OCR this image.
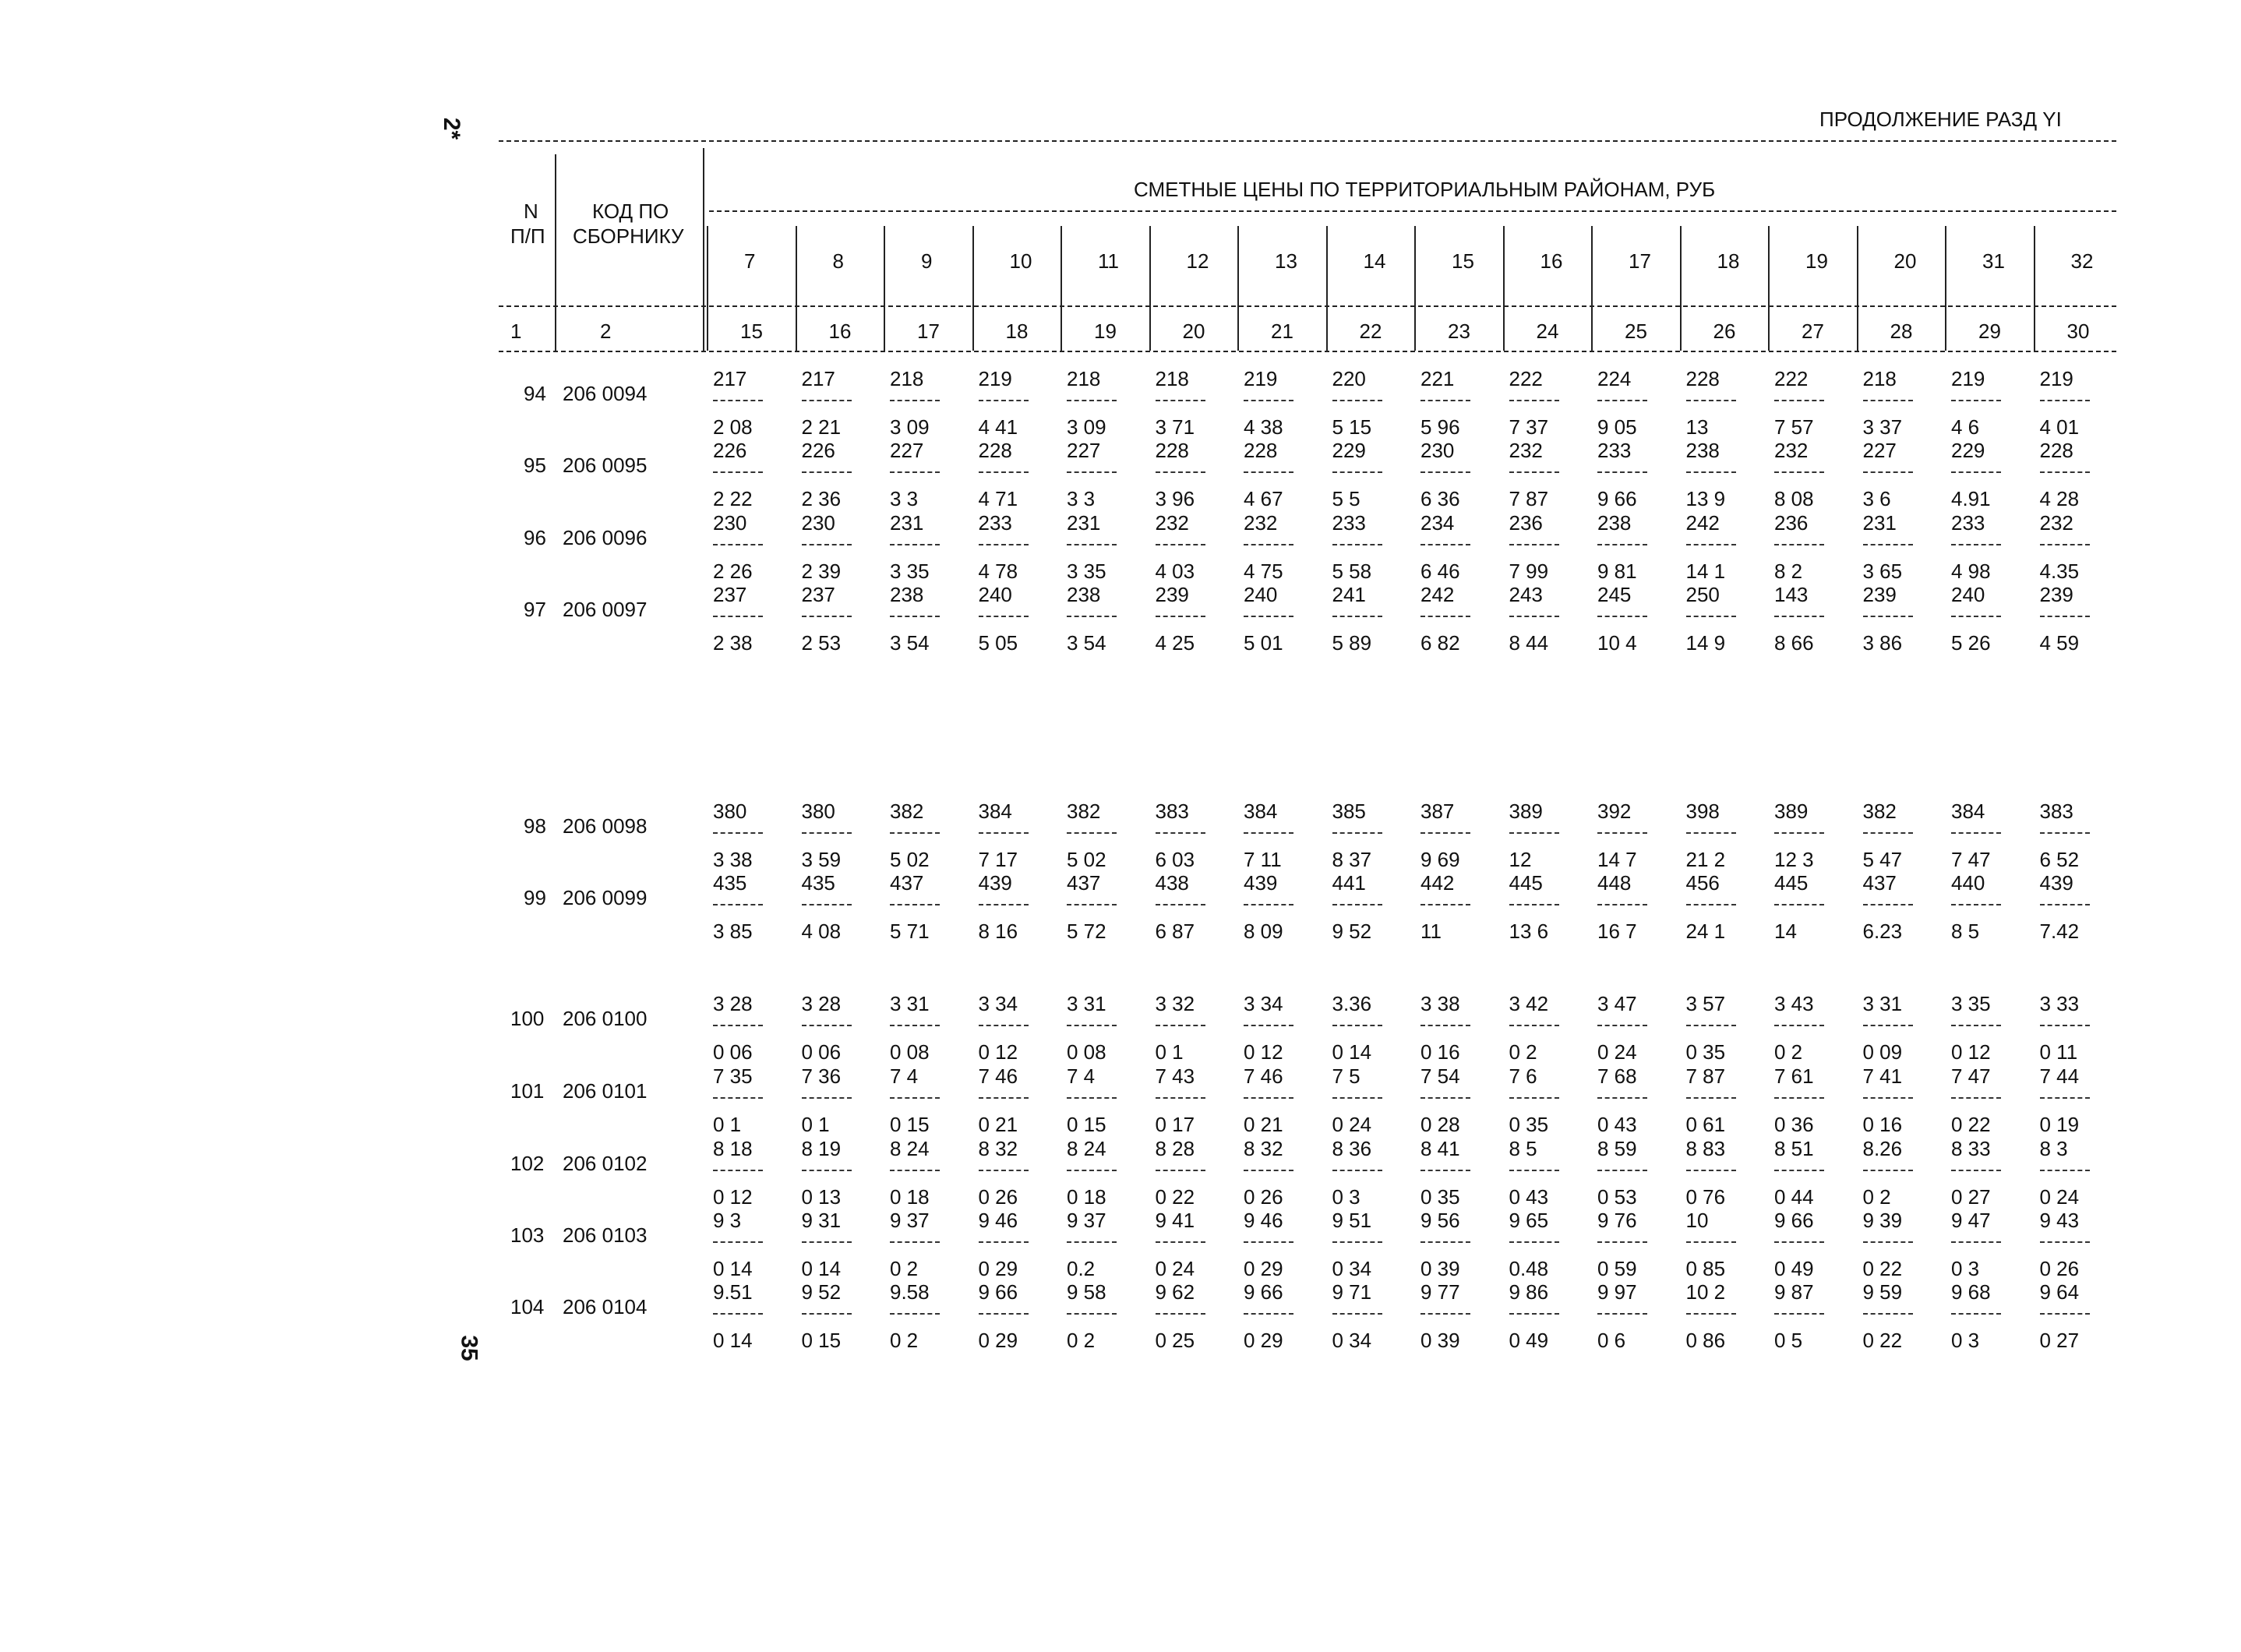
2*
35
ПРОДОЛЖЕНИЕ РАЗД YI
N
П/П
КОД ПО
СБОРНИКУ
СМЕТНЫЕ ЦЕНЫ ПО ТЕРРИТОРИАЛЬНЫМ РАЙОНАМ, РУБ
1	2
7
15
8
16
9
17
10
18
11
19
12
20
13
21
14
22
15
23
16
24
17
25
18
26
19
27
20
28
31
29
32
30
94 206 0094
217
2 08
217
2 21
218
3 09
219
4 41
218
3 09
218
3 71
219
4 38
220
5 15
221
5 96
222
7 37
224
9 05
228
13
222
7 57
218
3 37
219
4 6
219
4 01
95 206 0095
226
2 22
226
2 36
227
3 3
228
4 71
227
3 3
228
3 96
228
4 67
229
5 5
230
6 36
232
7 87
233
9 66
238
13 9
232
8 08
227
3 6
229
4.91
228
4 28
96 206 0096
230
2 26
230
2 39
231
3 35
233
4 78
231
3 35
232
4 03
232
4 75
233
5 58
234
6 46
236
7 99
238
9 81
242
14 1
236
8 2
231
3 65
233
4 98
232
4.35
97 206 0097
237
2 38
237
2 53
238
3 54
240
5 05
238
3 54
239
4 25
240
5 01
241
5 89
242
6 82
243
8 44
245
10 4
250
14 9
143
8 66
239
3 86
240
5 26
239
4 59
98 206 0098
380
3 38
380
3 59
382
5 02
384
7 17
382
5 02
383
6 03
384
7 11
385
8 37
387
9 69
389
12
392
14 7
398
21 2
389
12 3
382
5 47
384
7 47
383
6 52
99 206 0099
435
3 85
435
4 08
437
5 71
439
8 16
437
5 72
438
6 87
439
8 09
441
9 52
442
11
445
13 6
448
16 7
456
24 1
445
14
437
6.23
440
8 5
439
7.42
100 206 0100
3 28
0 06
3 28
0 06
3 31
0 08
3 34
0 12
3 31
0 08
3 32
0 1
3 34
0 12
3.36
0 14
3 38
0 16
3 42
0 2
3 47
0 24
3 57
0 35
3 43
0 2
3 31
0 09
3 35
0 12
3 33
0 11
101 206 0101
7 35
0 1
7 36
0 1
7 4
0 15
7 46
0 21
7 4
0 15
7 43
0 17
7 46
0 21
7 5
0 24
7 54
0 28
7 6
0 35
7 68
0 43
7 87
0 61
7 61
0 36
7 41
0 16
7 47
0 22
7 44
0 19
102 206 0102
8 18
0 12
8 19
0 13
8 24
0 18
8 32
0 26
8 24
0 18
8 28
0 22
8 32
0 26
8 36
0 3
8 41
0 35
8 5
0 43
8 59
0 53
8 83
0 76
8 51
0 44
8.26
0 2
8 33
0 27
8 3
0 24
103 206 0103
9 3
0 14
9 31
0 14
9 37
0 2
9 46
0 29
9 37
0.2
9 41
0 24
9 46
0 29
9 51
0 34
9 56
0 39
9 65
0.48
9 76
0 59
10
0 85
9 66
0 49
9 39
0 22
9 47
0 3
9 43
0 26
104 206 0104
9.51
0 14
9 52
0 15
9.58
0 2
9 66
0 29
9 58
0 2
9 62
0 25
9 66
0 29
9 71
0 34
9 77
0 39
9 86
0 49
9 97
0 6
10 2
0 86
9 87
0 5
9 59
0 22
9 68
0 3
9 64
0 27
